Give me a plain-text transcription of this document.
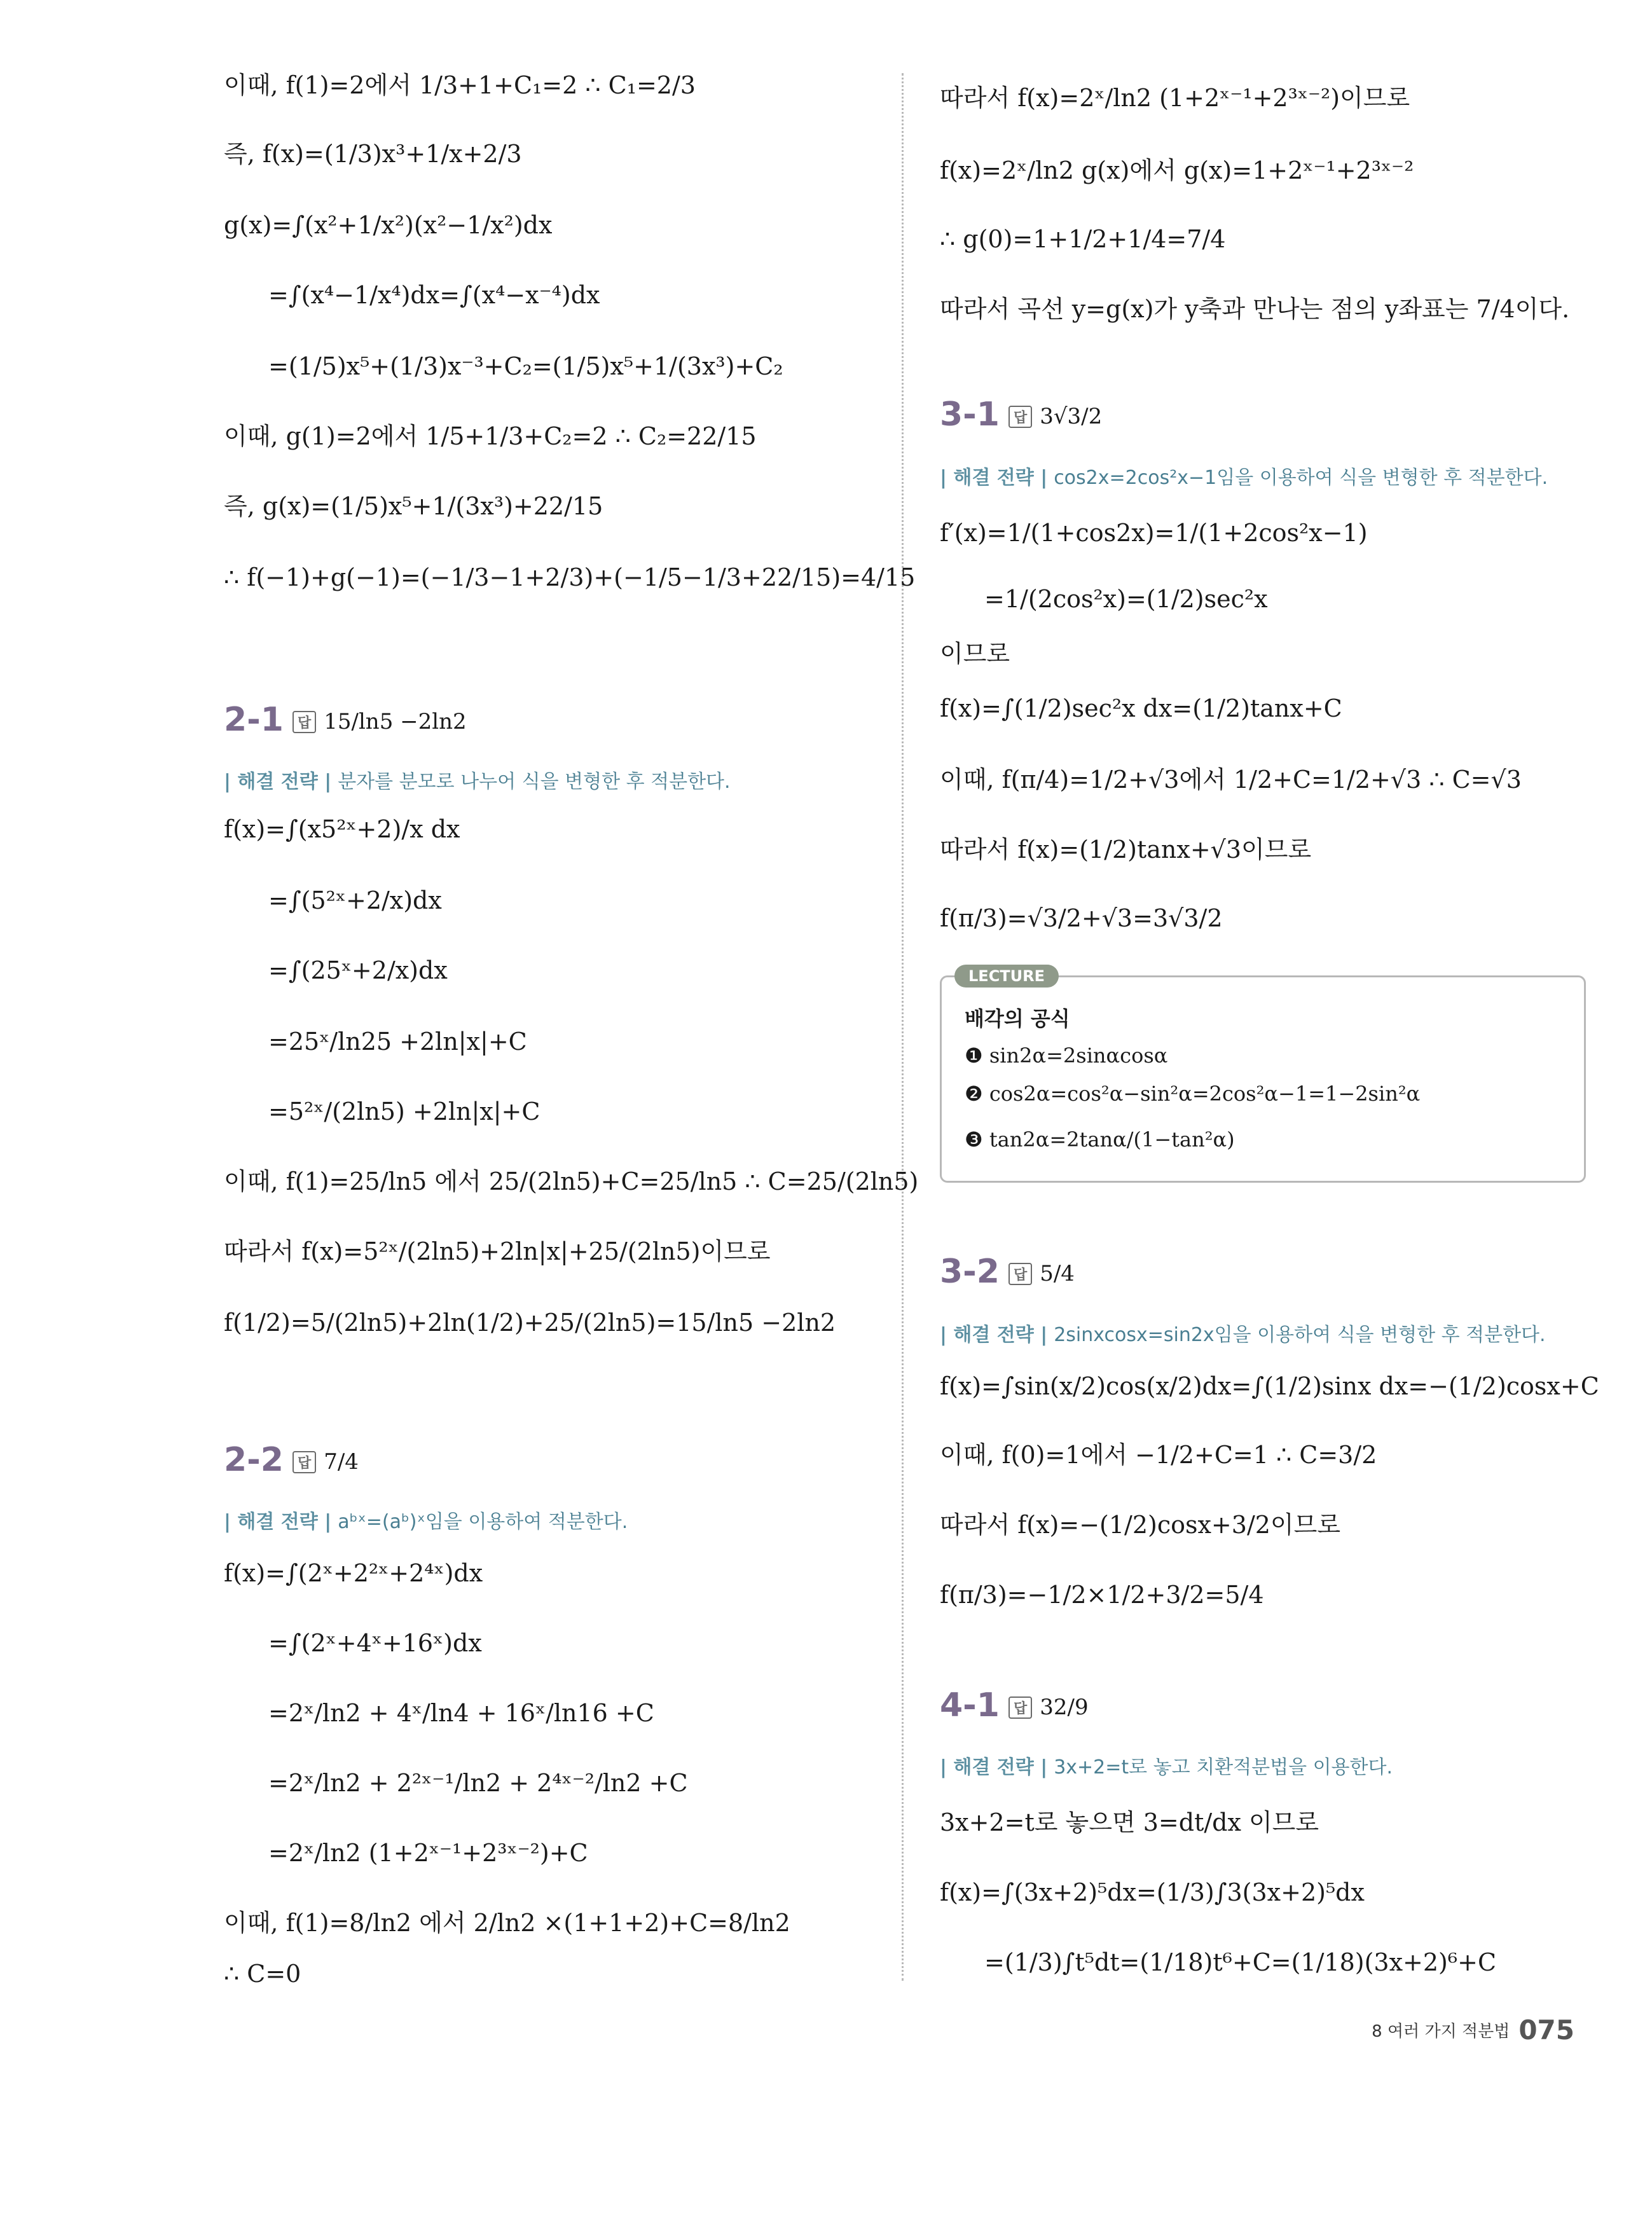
이때, f(1)=2에서 1/3+1+C₁=2 ∴ C₁=2/3
즉, f(x)=(1/3)x³+1/x+2/3
g(x)=∫(x²+1/x²)(x²−1/x²)dx
=∫(x⁴−1/x⁴)dx=∫(x⁴−x⁻⁴)dx
=(1/5)x⁵+(1/3)x⁻³+C₂=(1/5)x⁵+1/(3x³)+C₂
이때, g(1)=2에서 1/5+1/3+C₂=2 ∴ C₂=22/15
즉, g(x)=(1/5)x⁵+1/(3x³)+22/15
∴ f(−1)+g(−1)=(−1/3−1+2/3)+(−1/5−1/3+22/15)=4/15
2-1 답 15/ln5 −2ln2
| 해결 전략 | 분자를 분모로 나누어 식을 변형한 후 적분한다.
f(x)=∫(x5²ˣ+2)/x dx
=∫(5²ˣ+2/x)dx
=∫(25ˣ+2/x)dx
=25ˣ/ln25 +2ln|x|+C
=5²ˣ/(2ln5) +2ln|x|+C
이때, f(1)=25/ln5 에서 25/(2ln5)+C=25/ln5 ∴ C=25/(2ln5)
따라서 f(x)=5²ˣ/(2ln5)+2ln|x|+25/(2ln5)이므로
f(1/2)=5/(2ln5)+2ln(1/2)+25/(2ln5)=15/ln5 −2ln2
2-2 답 7/4
| 해결 전략 | aᵇˣ=(aᵇ)ˣ임을 이용하여 적분한다.
f(x)=∫(2ˣ+2²ˣ+2⁴ˣ)dx
=∫(2ˣ+4ˣ+16ˣ)dx
=2ˣ/ln2 + 4ˣ/ln4 + 16ˣ/ln16 +C
=2ˣ/ln2 + 2²ˣ⁻¹/ln2 + 2⁴ˣ⁻²/ln2 +C
=2ˣ/ln2 (1+2ˣ⁻¹+2³ˣ⁻²)+C
이때, f(1)=8/ln2 에서 2/ln2 ×(1+1+2)+C=8/ln2
∴ C=0
따라서 f(x)=2ˣ/ln2 (1+2ˣ⁻¹+2³ˣ⁻²)이므로
f(x)=2ˣ/ln2 g(x)에서 g(x)=1+2ˣ⁻¹+2³ˣ⁻²
∴ g(0)=1+1/2+1/4=7/4
따라서 곡선 y=g(x)가 y축과 만나는 점의 y좌표는 7/4이다.
3-1 답 3√3/2
| 해결 전략 | cos2x=2cos²x−1임을 이용하여 식을 변형한 후 적분한다.
f′(x)=1/(1+cos2x)=1/(1+2cos²x−1)
=1/(2cos²x)=(1/2)sec²x
이므로
f(x)=∫(1/2)sec²x dx=(1/2)tanx+C
이때, f(π/4)=1/2+√3에서 1/2+C=1/2+√3 ∴ C=√3
따라서 f(x)=(1/2)tanx+√3이므로
f(π/3)=√3/2+√3=3√3/2
LECTURE
배각의 공식
❶ sin2α=2sinαcosα
❷ cos2α=cos²α−sin²α=2cos²α−1=1−2sin²α
❸ tan2α=2tanα/(1−tan²α)
3-2 답 5/4
| 해결 전략 | 2sinxcosx=sin2x임을 이용하여 식을 변형한 후 적분한다.
f(x)=∫sin(x/2)cos(x/2)dx=∫(1/2)sinx dx=−(1/2)cosx+C
이때, f(0)=1에서 −1/2+C=1 ∴ C=3/2
따라서 f(x)=−(1/2)cosx+3/2이므로
f(π/3)=−1/2×1/2+3/2=5/4
4-1 답 32/9
| 해결 전략 | 3x+2=t로 놓고 치환적분법을 이용한다.
3x+2=t로 놓으면 3=dt/dx 이므로
f(x)=∫(3x+2)⁵dx=(1/3)∫3(3x+2)⁵dx
=(1/3)∫t⁵dt=(1/18)t⁶+C=(1/18)(3x+2)⁶+C
8 여러 가지 적분법 075
